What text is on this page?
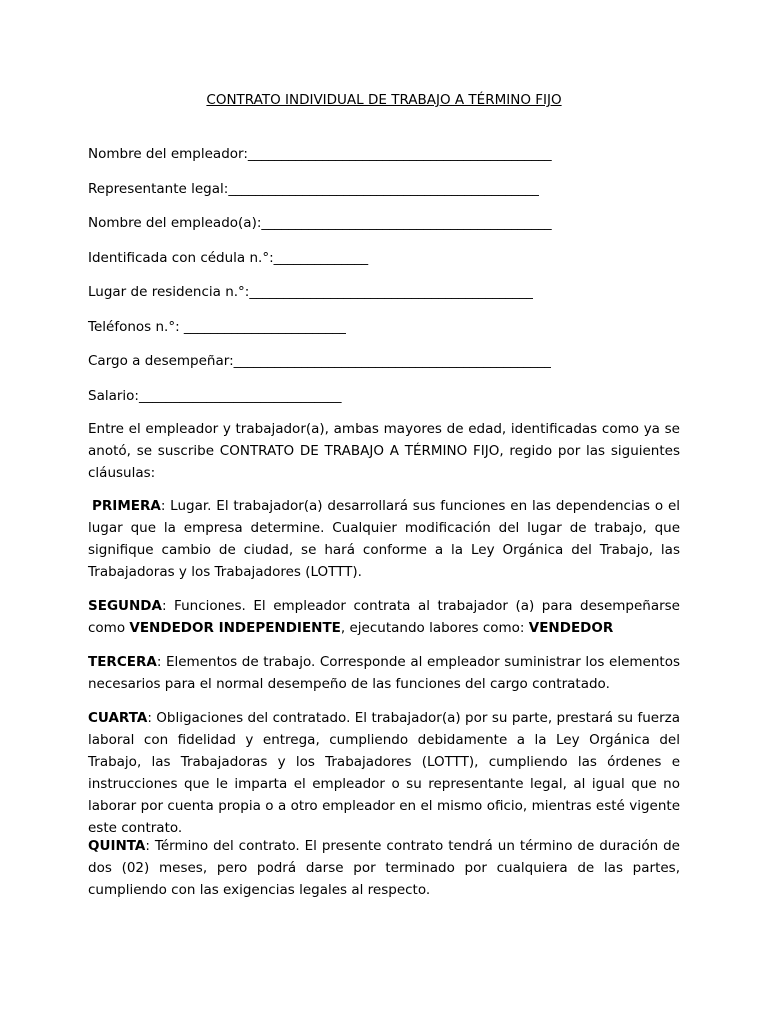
CONTRATO INDIVIDUAL DE TRABAJO A TÉRMINO FIJO
Nombre del empleador:_____________________________________________
Representante legal:______________________________________________
Nombre del empleado(a):___________________________________________
Identificada con cédula n.°:______________
Lugar de residencia n.°:__________________________________________
Teléfonos n.°: ________________________
Cargo a desempeñar:_______________________________________________
Salario:______________________________
Entre el empleador y trabajador(a), ambas mayores de edad, identificadas como ya se anotó, se suscribe CONTRATO DE TRABAJO A TÉRMINO FIJO, regido por las siguientes cláusulas:
PRIMERA: Lugar. El trabajador(a) desarrollará sus funciones en las dependencias o el lugar que la empresa determine. Cualquier modificación del lugar de trabajo, que signifique cambio de ciudad, se hará conforme a la Ley Orgánica del Trabajo, las Trabajadoras y los Trabajadores (LOTTT).
SEGUNDA: Funciones. El empleador contrata al trabajador (a) para desempeñarse como VENDEDOR INDEPENDIENTE, ejecutando labores como: VENDEDOR
TERCERA: Elementos de trabajo. Corresponde al empleador suministrar los elementos necesarios para el normal desempeño de las funciones del cargo contratado.
CUARTA: Obligaciones del contratado. El trabajador(a) por su parte, prestará su fuerza laboral con fidelidad y entrega, cumpliendo debidamente a la Ley Orgánica del Trabajo, las Trabajadoras y los Trabajadores (LOTTT), cumpliendo las órdenes e instrucciones que le imparta el empleador o su representante legal, al igual que no laborar por cuenta propia o a otro empleador en el mismo oficio, mientras esté vigente este contrato.
QUINTA: Término del contrato. El presente contrato tendrá un término de duración de dos (02) meses, pero podrá darse por terminado por cualquiera de las partes, cumpliendo con las exigencias legales al respecto.
